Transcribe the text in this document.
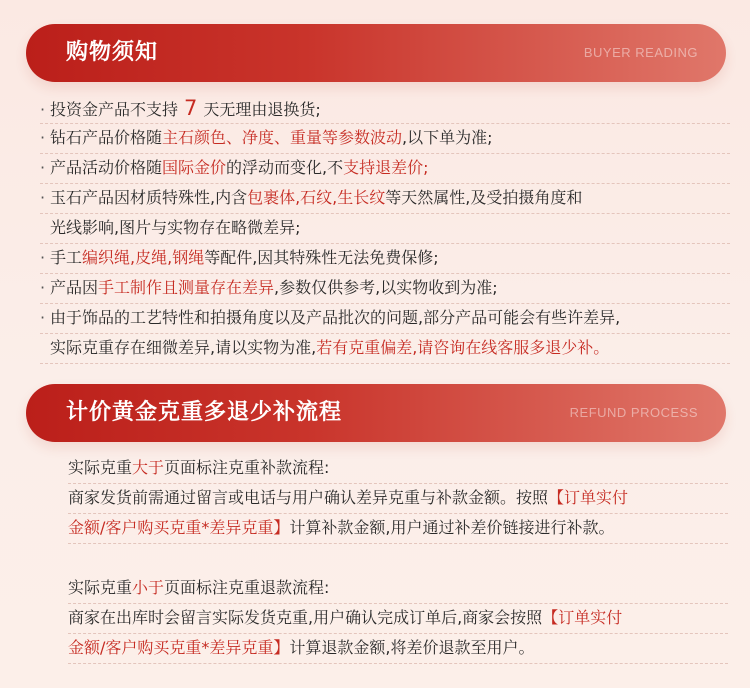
购物须知	BUYER READING
· 投资金产品不支持 7 天无理由退换货;
· 钻石产品价格随主石颜色、净度、重量等参数波动,以下单为准;
· 产品活动价格随国际金价的浮动而变化,不支持退差价;
· 玉石产品因材质特殊性,内含包裹体,石纹,生长纹等天然属性,及受拍摄角度和
光线影响,图片与实物存在略微差异;
· 手工编织绳,皮绳,钢绳等配件,因其特殊性无法免费保修;
· 产品因手工制作且测量存在差异,参数仅供参考,以实物收到为准;
· 由于饰品的工艺特性和拍摄角度以及产品批次的问题,部分产品可能会有些许差异,
实际克重存在细微差异,请以实物为准,若有克重偏差,请咨询在线客服多退少补。
计价黄金克重多退少补流程	REFUND PROCESS
实际克重大于页面标注克重补款流程:
商家发货前需通过留言或电话与用户确认差异克重与补款金额。按照【订单实付
金额/客户购买克重*差异克重】计算补款金额,用户通过补差价链接进行补款。
实际克重小于页面标注克重退款流程:
商家在出库时会留言实际发货克重,用户确认完成订单后,商家会按照【订单实付
金额/客户购买克重*差异克重】计算退款金额,将差价退款至用户。
